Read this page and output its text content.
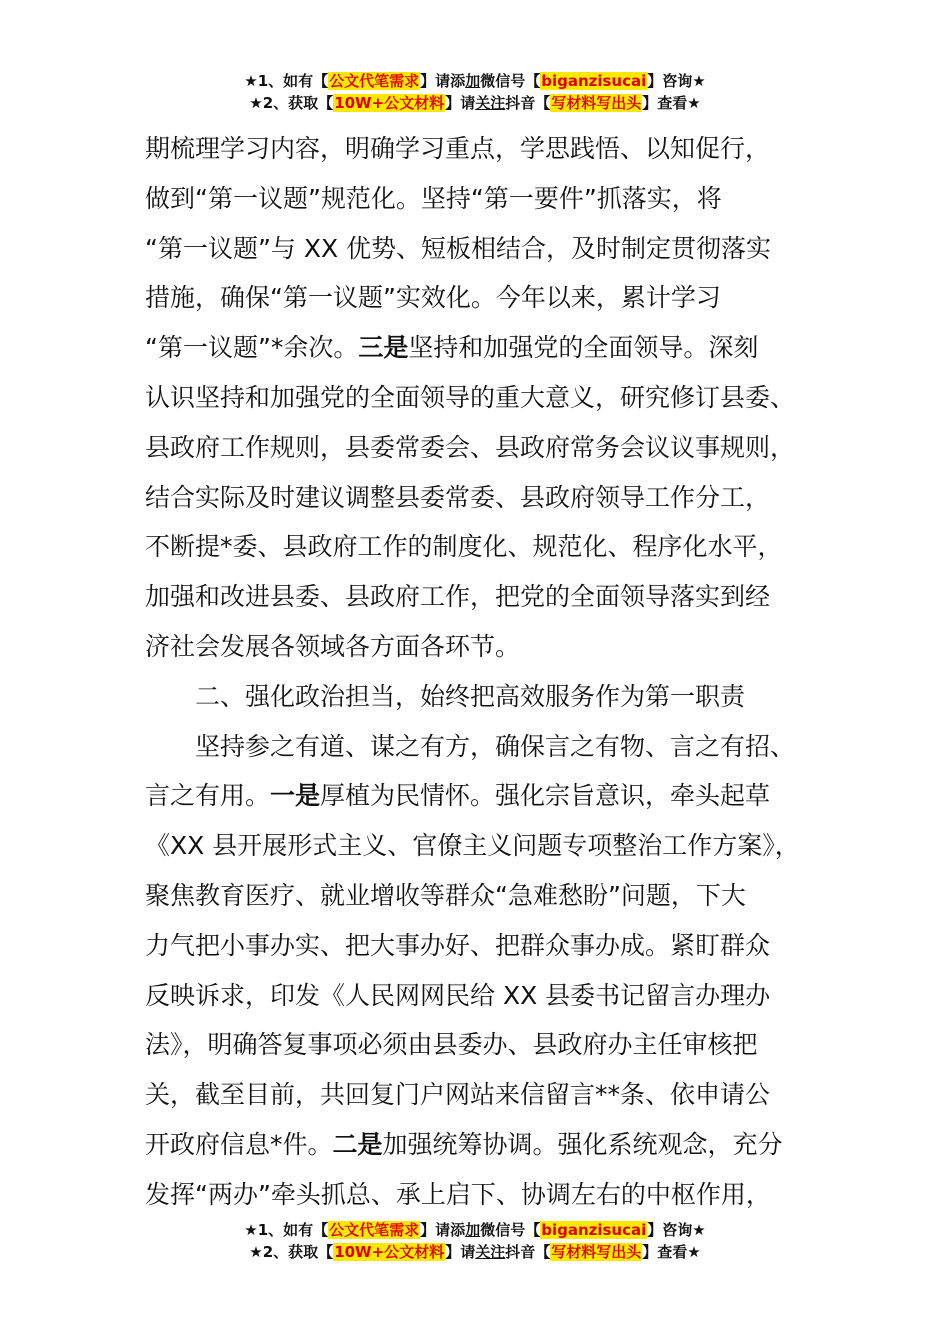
★1、如有【公文代笔需求】请添加微信号【biganzisucai】咨询★
★2、获取【10W+公文材料】请关注抖音【写材料写出头】查看★
期梳理学习内容，明确学习重点，学思践悟、以知促行，
做到“第一议题”规范化。坚持“第一要件”抓落实，将
“第一议题”与 XX 优势、短板相结合，及时制定贯彻落实
措施，确保“第一议题”实效化。今年以来，累计学习
“第一议题”*余次。三是坚持和加强党的全面领导。深刻
认识坚持和加强党的全面领导的重大意义，研究修订县委、
县政府工作规则，县委常委会、县政府常务会议议事规则，
结合实际及时建议调整县委常委、县政府领导工作分工，
不断提*委、县政府工作的制度化、规范化、程序化水平，
加强和改进县委、县政府工作，把党的全面领导落实到经
济社会发展各领域各方面各环节。
二、强化政治担当，始终把高效服务作为第一职责
坚持参之有道、谋之有方，确保言之有物、言之有招、
言之有用。一是厚植为民情怀。强化宗旨意识，牵头起草
《XX 县开展形式主义、官僚主义问题专项整治工作方案》，
聚焦教育医疗、就业增收等群众“急难愁盼”问题，下大
力气把小事办实、把大事办好、把群众事办成。紧盯群众
反映诉求，印发《人民网网民给 XX 县委书记留言办理办
法》，明确答复事项必须由县委办、县政府办主任审核把
关，截至目前，共回复门户网站来信留言**条、依申请公
开政府信息*件。二是加强统筹协调。强化系统观念，充分
发挥“两办”牵头抓总、承上启下、协调左右的中枢作用，
★1、如有【公文代笔需求】请添加微信号【biganzisucai】咨询★
★2、获取【10W+公文材料】请关注抖音【写材料写出头】查看★
